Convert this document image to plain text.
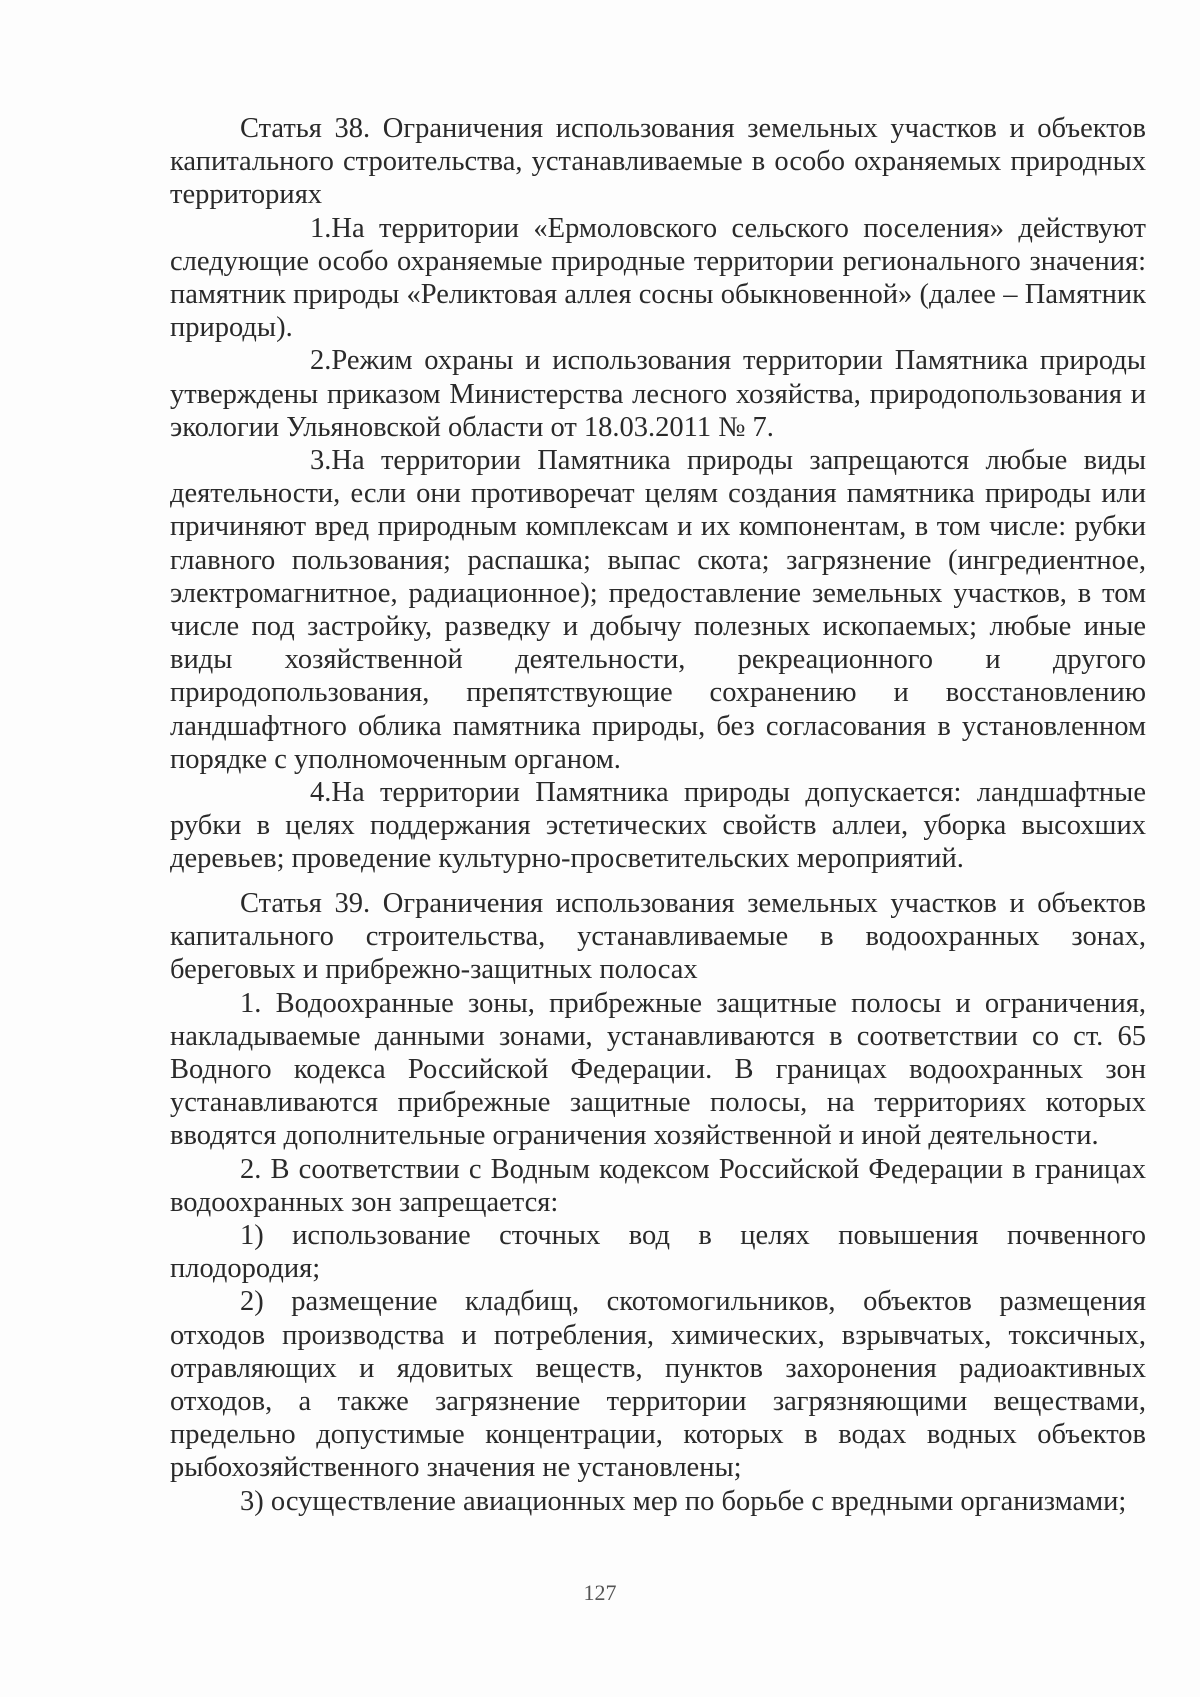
Статья 38. Ограничения использования земельных участков и объектов капитального строительства, устанавливаемые в особо охраняемых природных территориях

1.На территории «Ермоловского сельского поселения» действуют следующие особо охраняемые природные территории регионального значения: памятник природы «Реликтовая аллея сосны обыкновенной» (далее – Памятник природы).

2.Режим охраны и использования территории Памятника природы утверждены приказом Министерства лесного хозяйства, природопользования и экологии Ульяновской области от 18.03.2011 № 7.

3.На территории Памятника природы запрещаются любые виды деятельности, если они противоречат целям создания памятника природы или причиняют вред природным комплексам и их компонентам, в том числе: рубки главного пользования; распашка; выпас скота; загрязнение (ингредиентное, электромагнитное, радиационное); предоставление земельных участков, в том числе под застройку, разведку и добычу полезных ископаемых; любые иные виды хозяйственной деятельности, рекреационного и другого природопользования, препятствующие сохранению и восстановлению ландшафтного облика памятника природы, без согласования в установленном порядке с уполномоченным органом.

4.На территории Памятника природы допускается: ландшафтные рубки в целях поддержания эстетических свойств аллеи, уборка высохших деревьев; проведение культурно-просветительских мероприятий.

Статья 39. Ограничения использования земельных участков и объектов капитального строительства, устанавливаемые в водоохранных зонах, береговых и прибрежно-защитных полосах

1. Водоохранные зоны, прибрежные защитные полосы и ограничения, накладываемые данными зонами, устанавливаются в соответствии со ст. 65 Водного кодекса Российской Федерации. В границах водоохранных зон устанавливаются прибрежные защитные полосы, на территориях которых вводятся дополнительные ограничения хозяйственной и иной деятельности.

2. В соответствии с Водным кодексом Российской Федерации в границах водоохранных зон запрещается:

1) использование сточных вод в целях повышения почвенного плодородия;

2) размещение кладбищ, скотомогильников, объектов размещения отходов производства и потребления, химических, взрывчатых, токсичных, отравляющих и ядовитых веществ, пунктов захоронения радиоактивных отходов, а также загрязнение территории загрязняющими веществами, предельно допустимые концентрации, которых в водах водных объектов рыбохозяйственного значения не установлены;

3) осуществление авиационных мер по борьбе с вредными организмами;

127
